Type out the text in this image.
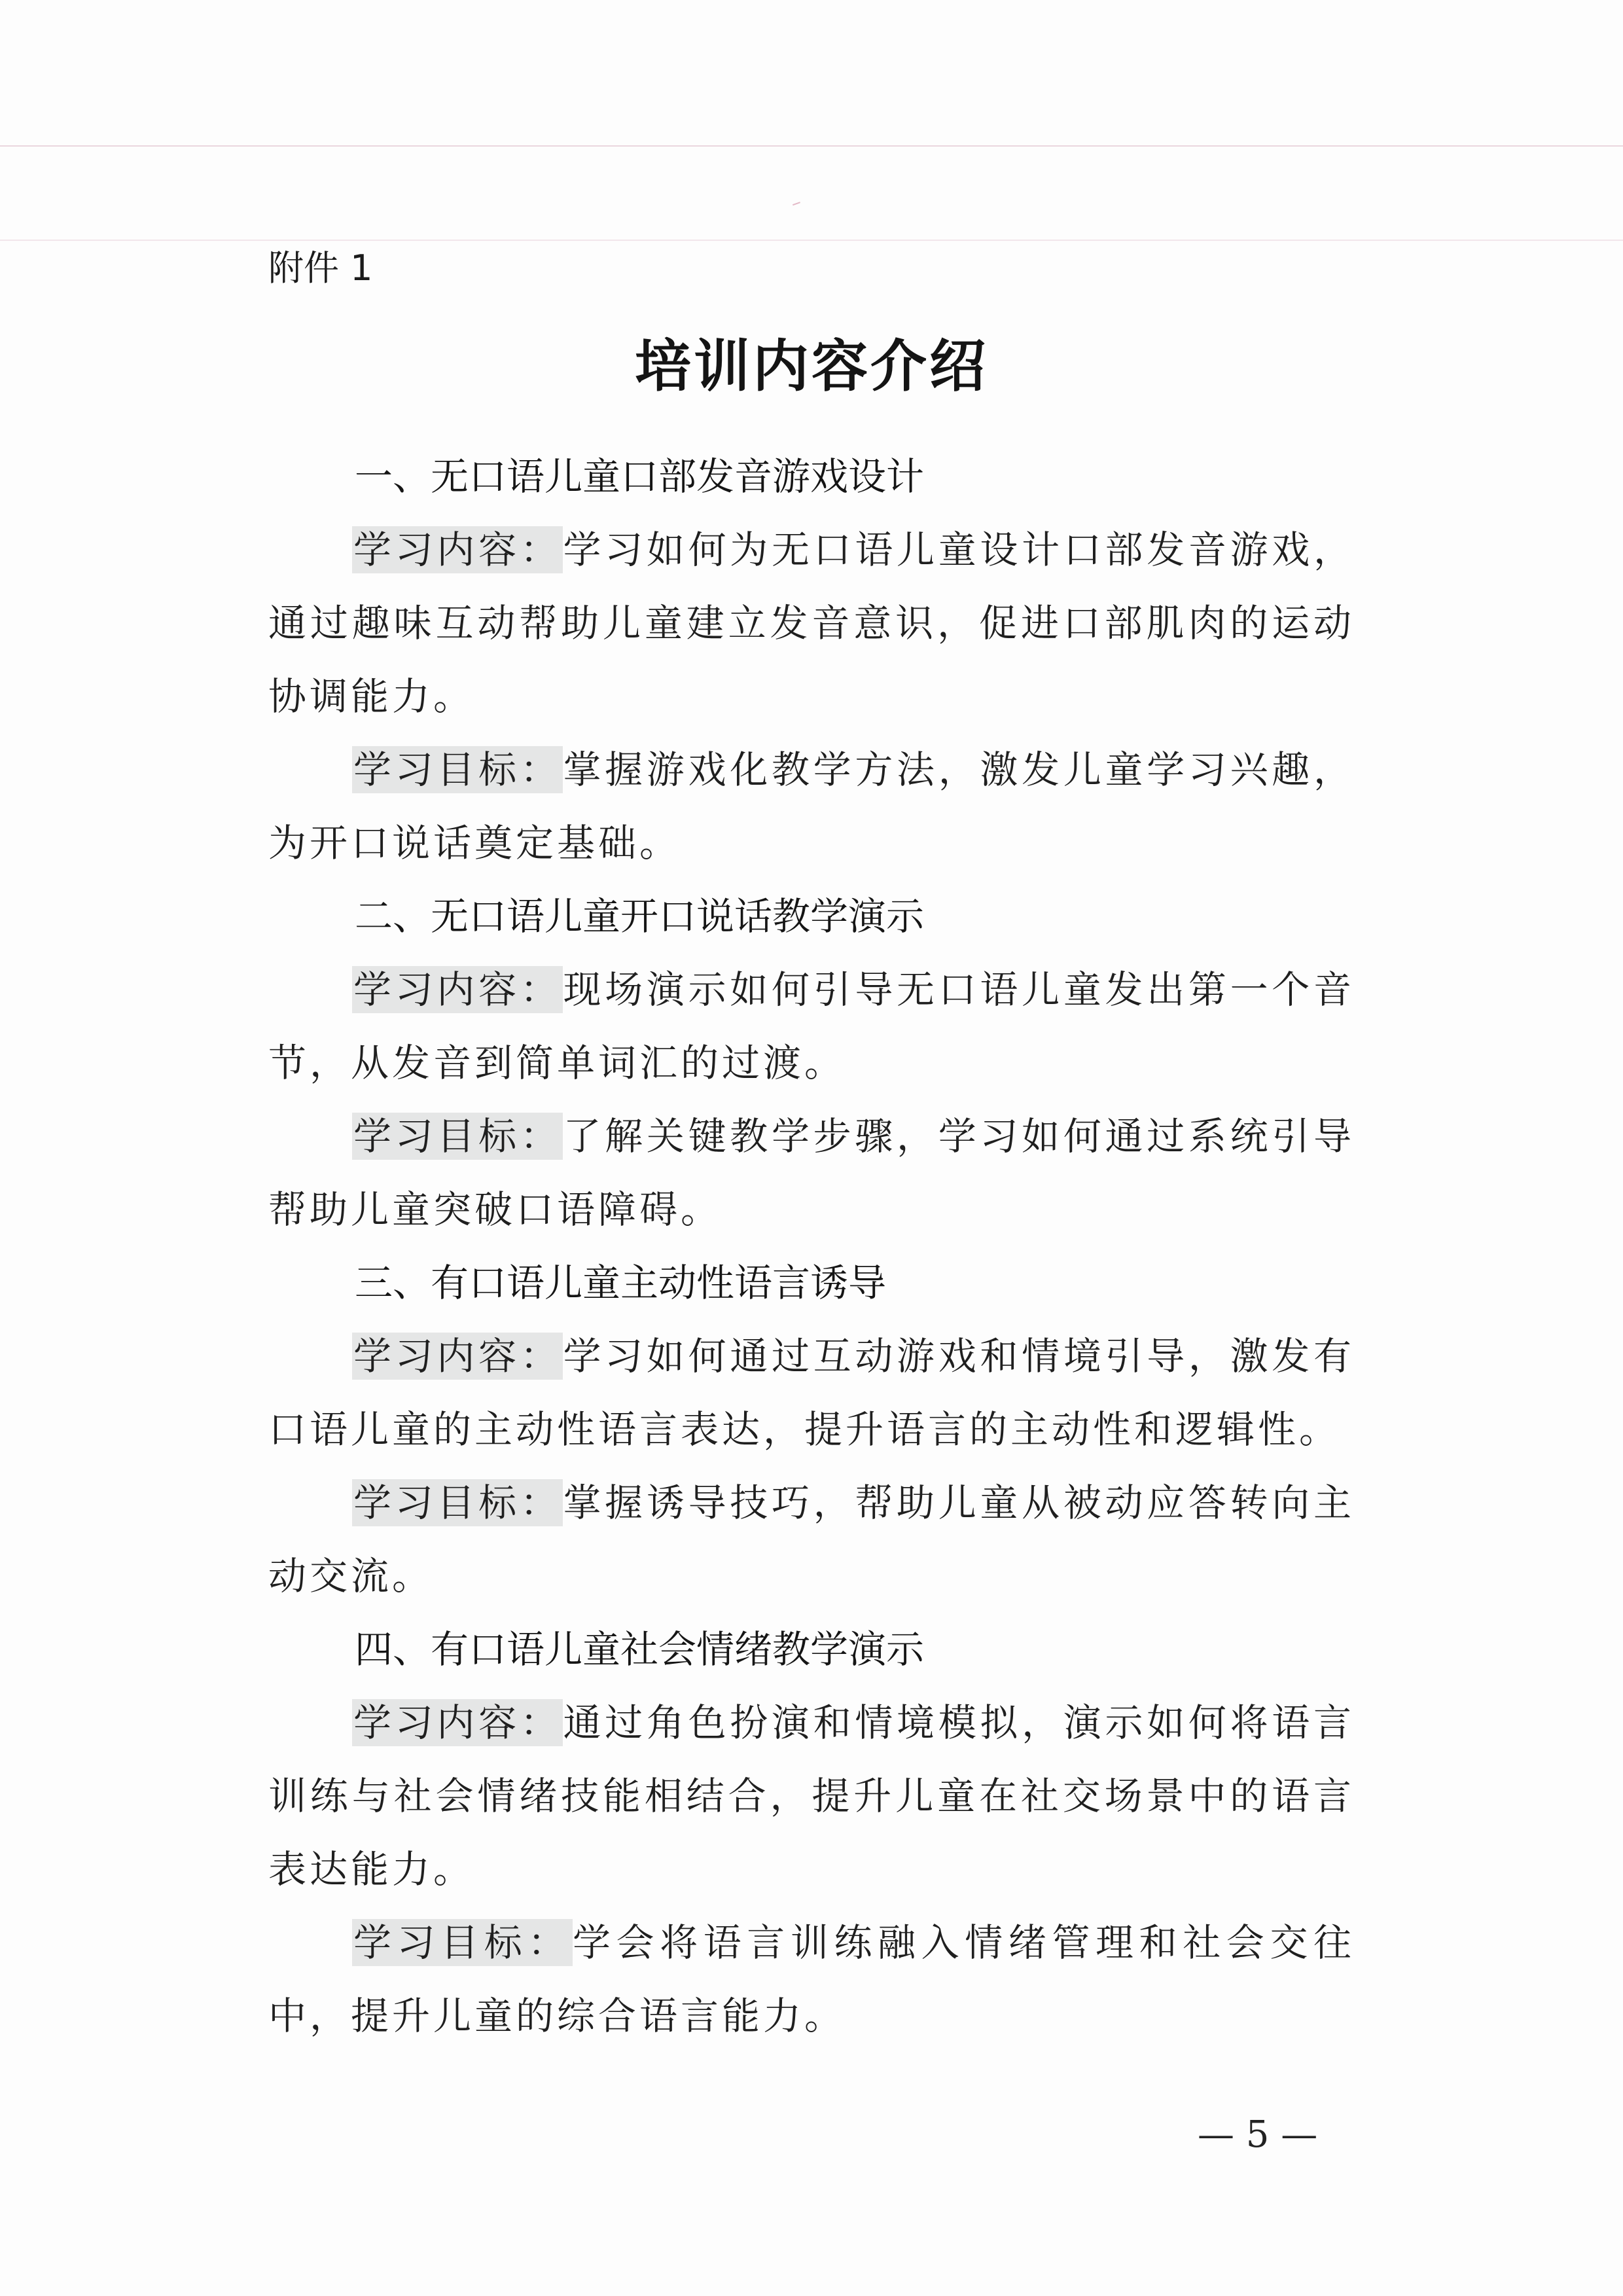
附件 1
培训内容介绍
一、无口语儿童口部发音游戏设计

学习内容：学习如何为无口语儿童设计口部发音游戏，通过趣味互动帮助儿童建立发音意识，促进口部肌肉的运动协调能力。

学习目标：掌握游戏化教学方法，激发儿童学习兴趣，为开口说话奠定基础。

二、无口语儿童开口说话教学演示

学习内容：现场演示如何引导无口语儿童发出第一个音节，从发音到简单词汇的过渡。

学习目标：了解关键教学步骤，学习如何通过系统引导帮助儿童突破口语障碍。

三、有口语儿童主动性语言诱导

学习内容：学习如何通过互动游戏和情境引导，激发有口语儿童的主动性语言表达，提升语言的主动性和逻辑性。

学习目标：掌握诱导技巧，帮助儿童从被动应答转向主动交流。

四、有口语儿童社会情绪教学演示

学习内容：通过角色扮演和情境模拟，演示如何将语言训练与社会情绪技能相结合，提升儿童在社交场景中的语言表达能力。

学习目标：学会将语言训练融入情绪管理和社会交往中，提升儿童的综合语言能力。

— 5 —
